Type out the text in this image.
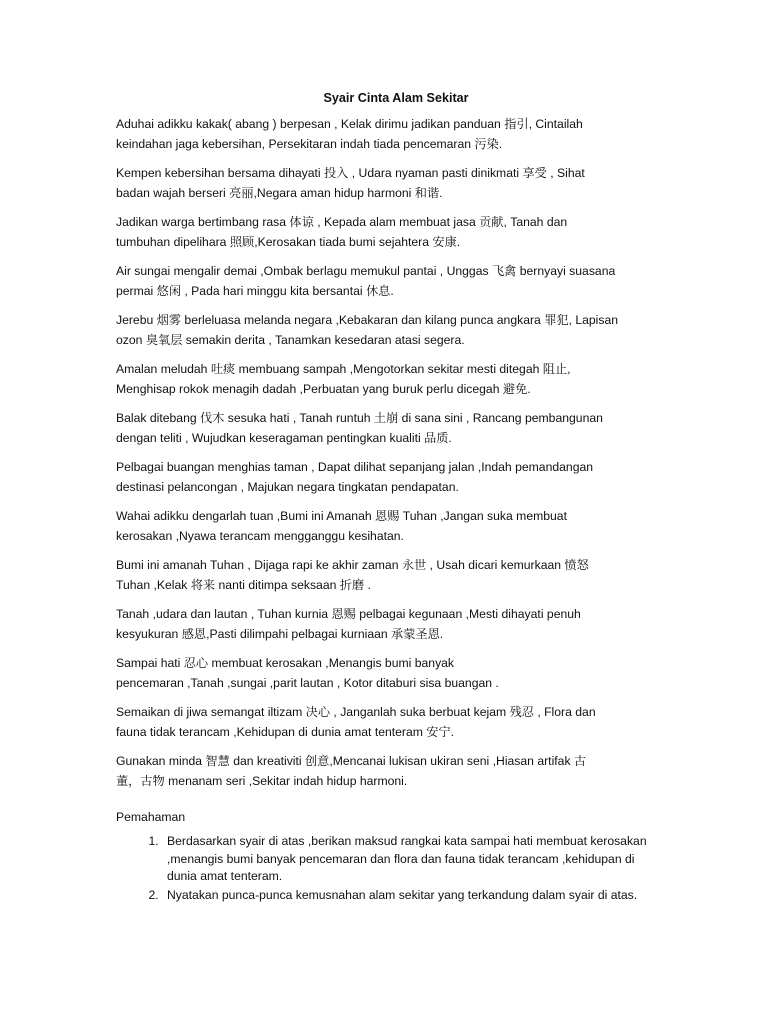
Syair Cinta Alam Sekitar

Aduhai adikku kakak( abang ) berpesan , Kelak dirimu jadikan panduan 指引, Cintailah

keindahan jaga kebersihan, Persekitaran indah tiada pencemaran 污染.

Kempen kebersihan bersama dihayati 投入 , Udara nyaman pasti dinikmati 享受 , Sihat

badan wajah berseri 亮丽,Negara aman hidup harmoni 和谐.

Jadikan warga bertimbang rasa 体谅 , Kepada alam membuat jasa 贡献, Tanah dan

tumbuhan dipelihara 照顾,Kerosakan tiada bumi sejahtera 安康.

Air sungai mengalir demai ,Ombak berlagu memukul pantai , Unggas 飞禽 bernyayi suasana

permai 悠闲 , Pada hari minggu kita bersantai 休息.

Jerebu 烟雾 berleluasa melanda negara ,Kebakaran dan kilang punca angkara 罪犯, Lapisan

ozon 臭氧层 semakin derita , Tanamkan kesedaran atasi segera.

Amalan meludah 吐痰 membuang sampah ,Mengotorkan sekitar mesti ditegah 阻止,

Menghisap rokok menagih dadah ,Perbuatan yang buruk perlu dicegah 避免.

Balak ditebang 伐木 sesuka hati , Tanah runtuh 土崩 di sana sini , Rancang pembangunan

dengan teliti , Wujudkan keseragaman pentingkan kualiti 品质.

Pelbagai buangan menghias taman , Dapat dilihat sepanjang jalan ,Indah pemandangan

destinasi pelancongan , Majukan negara tingkatan pendapatan.

Wahai adikku dengarlah tuan ,Bumi ini Amanah 恩赐 Tuhan ,Jangan suka membuat

kerosakan ,Nyawa terancam mengganggu kesihatan.

Bumi ini amanah Tuhan , Dijaga rapi ke akhir zaman 永世 , Usah dicari kemurkaan 愤怒

Tuhan ,Kelak 将来 nanti ditimpa seksaan 折磨 .

Tanah ,udara dan lautan , Tuhan kurnia 恩赐 pelbagai kegunaan ,Mesti dihayati penuh

kesyukuran 感恩,Pasti dilimpahi pelbagai kurniaan 承蒙圣恩.

Sampai hati 忍心 membuat kerosakan ,Menangis bumi banyak

pencemaran ,Tanah ,sungai ,parit lautan , Kotor ditaburi sisa buangan .

Semaikan di jiwa semangat iltizam 决心 , Janganlah suka berbuat kejam 残忍 , Flora dan

fauna tidak terancam ,Kehidupan di dunia amat tenteram 安宁.

Gunakan minda 智慧 dan kreativiti 创意,Mencanai lukisan ukiran seni ,Hiasan artifak 古

董，古物 menanam seri ,Sekitar indah hidup harmoni.

Pemahaman

1. Berdasarkan syair di atas ,berikan maksud rangkai kata sampai hati membuat kerosakan ,menangis bumi banyak pencemaran dan flora dan fauna tidak terancam ,kehidupan di dunia amat tenteram.
2. Nyatakan punca-punca kemusnahan alam sekitar yang terkandung dalam syair di atas.
